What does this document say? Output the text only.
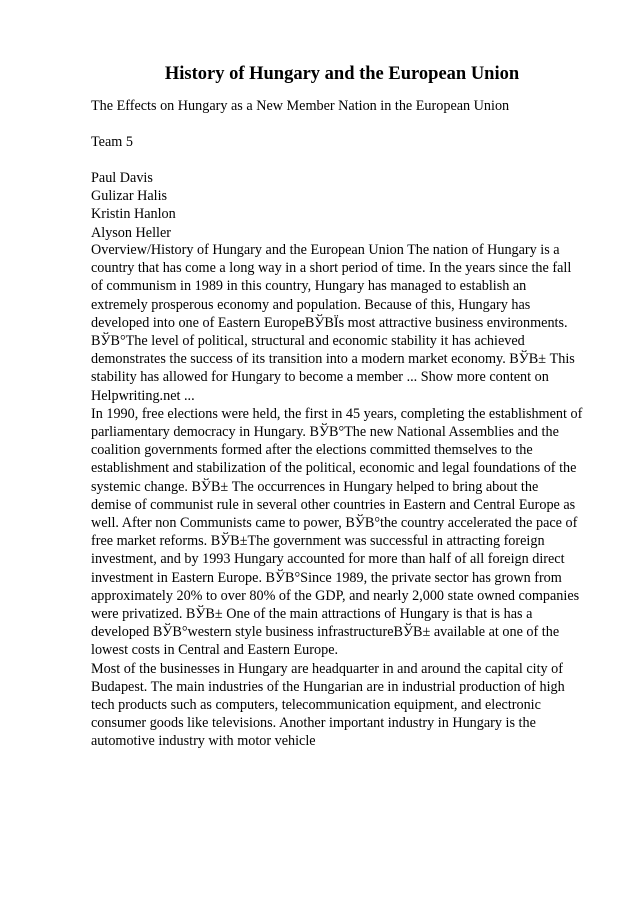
History of Hungary and the European Union
The Effects on Hungary as a New Member Nation in the European Union
Team 5
Paul Davis
Gulizar Halis
Kristin Hanlon
Alyson Heller

Overview/History of Hungary and the European Union The nation of Hungary is a
country that has come a long way in a short period of time. In the years since the fall
of communism in 1989 in this country, Hungary has managed to establish an
extremely prosperous economy and population. Because of this, Hungary has
developed into one of Eastern EuropeВЎВЇs most attractive business environments.
ВЎВ°The level of political, structural and economic stability it has achieved
demonstrates the success of its transition into a modern market economy. ВЎВ± This
stability has allowed for Hungary to become a member ... Show more content on
Helpwriting.net ...

In 1990, free elections were held, the first in 45 years, completing the establishment of
parliamentary democracy in Hungary. ВЎВ°The new National Assemblies and the
coalition governments formed after the elections committed themselves to the
establishment and stabilization of the political, economic and legal foundations of the
systemic change. ВЎВ± The occurrences in Hungary helped to bring about the
demise of communist rule in several other countries in Eastern and Central Europe as
well. After non Communists came to power, ВЎВ°the country accelerated the pace of
free market reforms. ВЎВ±The government was successful in attracting foreign
investment, and by 1993 Hungary accounted for more than half of all foreign direct
investment in Eastern Europe. ВЎВ°Since 1989, the private sector has grown from
approximately 20% to over 80% of the GDP, and nearly 2,000 state owned companies
were privatized. ВЎВ± One of the main attractions of Hungary is that is has a
developed ВЎВ°western style business infrastructureВЎВ± available at one of the
lowest costs in Central and Eastern Europe.

Most of the businesses in Hungary are headquarter in and around the capital city of
Budapest. The main industries of the Hungarian are in industrial production of high
tech products such as computers, telecommunication equipment, and electronic
consumer goods like televisions. Another important industry in Hungary is the
automotive industry with motor vehicle
